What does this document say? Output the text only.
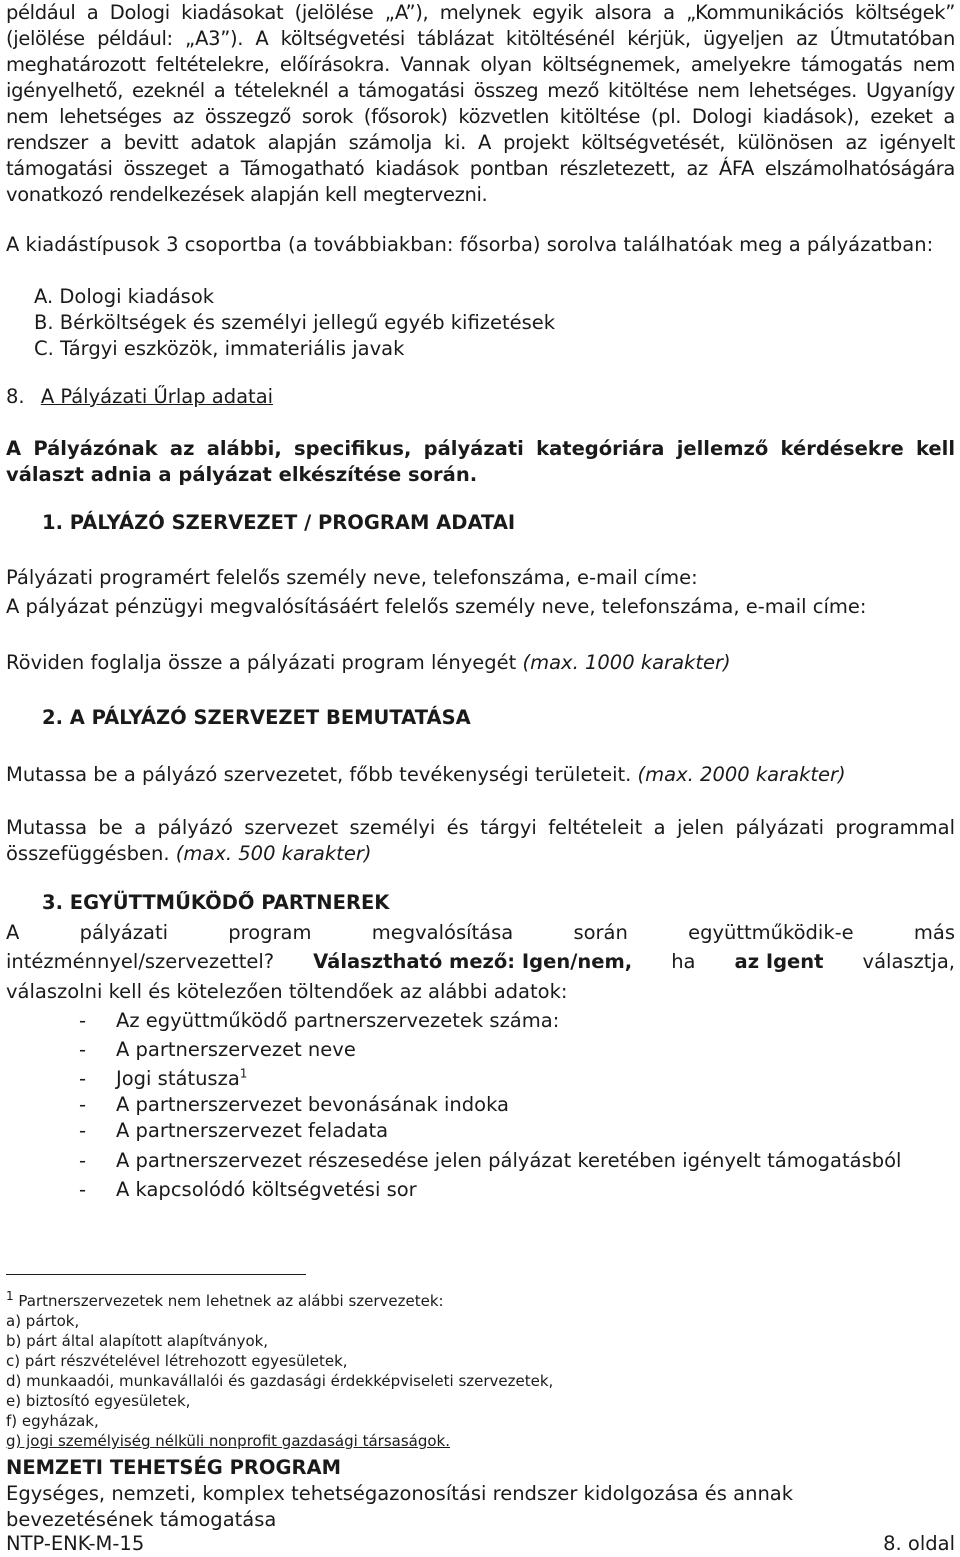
például a Dologi kiadásokat (jelölése „A”), melynek egyik alsora a „Kommunikációs költségek” (jelölése például: „A3”). A költségvetési táblázat kitöltésénél kérjük, ügyeljen az Útmutatóban meghatározott feltételekre, előírásokra. Vannak olyan költségnemek, amelyekre támogatás nem igényelhető, ezeknél a tételeknél a támogatási összeg mező kitöltése nem lehetséges. Ugyanígy nem lehetséges az összegző sorok (fősorok) közvetlen kitöltése (pl. Dologi kiadások), ezeket a rendszer a bevitt adatok alapján számolja ki. A projekt költségvetését, különösen az igényelt támogatási összeget a Támogatható kiadások pontban részletezett, az ÁFA elszámolhatóságára vonatkozó rendelkezések alapján kell megtervezni.

A kiadástípusok 3 csoportba (a továbbiakban: fősorba) sorolva találhatóak meg a pályázatban:

A. Dologi kiadások
B. Bérköltségek és személyi jellegű egyéb kifizetések
C. Tárgyi eszközök, immateriális javak
8. A Pályázati Űrlap adatai

A Pályázónak az alábbi, specifikus, pályázati kategóriára jellemző kérdésekre kell választ adnia a pályázat elkészítése során.

1. PÁLYÁZÓ SZERVEZET / PROGRAM ADATAI
Pályázati programért felelős személy neve, telefonszáma, e-mail címe:
A pályázat pénzügyi megvalósításáért felelős személy neve, telefonszáma, e-mail címe:
Röviden foglalja össze a pályázati program lényegét (max. 1000 karakter)
2. A PÁLYÁZÓ SZERVEZET BEMUTATÁSA
Mutassa be a pályázó szervezetet, főbb tevékenységi területeit. (max. 2000 karakter)

Mutassa be a pályázó szervezet személyi és tárgyi feltételeit a jelen pályázati programmal összefüggésben. (max. 500 karakter)

3. EGYÜTTMŰKÖDŐ PARTNEREK
A	pályázati	program	megvalósítása	során	együttműködik-e	más
intézménnyel/szervezettel? Választható mező: Igen/nem, ha az Igent választja,
válaszolni kell és kötelezően töltendőek az alábbi adatok:
- Az együttműködő partnerszervezetek száma:
- A partnerszervezet neve
- Jogi státusza$^1$
- A partnerszervezet bevonásának indoka
- A partnerszervezet feladata
- A partnerszervezet részesedése jelen pályázat keretében igényelt támogatásból
- A kapcsolódó költségvetési sor
$^1$ Partnerszervezetek nem lehetnek az alábbi szervezetek:
a) pártok,
b) párt által alapított alapítványok,
c) párt részvételével létrehozott egyesületek,
d) munkaadói, munkavállalói és gazdasági érdekképviseleti szervezetek,
e) biztosító egyesületek,
f) egyházak,
g) jogi személyiség nélküli nonprofit gazdasági társaságok.
NEMZETI TEHETSÉG PROGRAM
Egységes, nemzeti, komplex tehetségazonosítási rendszer kidolgozása és annak
bevezetésének támogatása
NTP-ENK-M-15	8. oldal
